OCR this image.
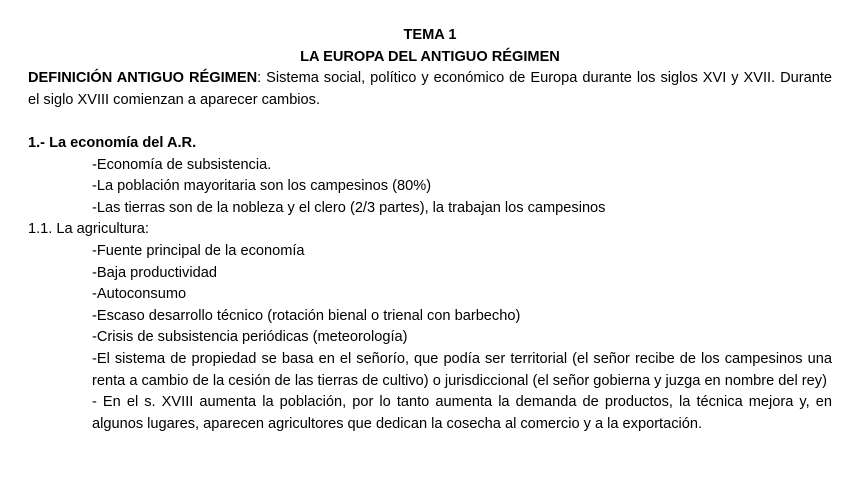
TEMA 1
LA EUROPA DEL ANTIGUO RÉGIMEN
DEFINICIÓN ANTIGUO RÉGIMEN: Sistema social, político y económico de Europa durante los siglos XVI y XVII. Durante el siglo XVIII comienzan a aparecer cambios.
1.- La economía del A.R.
-Economía de subsistencia.
-La población mayoritaria son los campesinos (80%)
-Las tierras son de la nobleza y el clero (2/3 partes), la trabajan los campesinos
1.1. La agricultura:
-Fuente principal de la economía
-Baja productividad
-Autoconsumo
-Escaso desarrollo técnico (rotación bienal o trienal con barbecho)
-Crisis de subsistencia periódicas (meteorología)
-El sistema de propiedad se basa en el señorío, que podía ser territorial (el señor recibe de los campesinos una renta a cambio de la cesión de las tierras de cultivo) o jurisdiccional (el señor gobierna y juzga en nombre del rey)
- En el s. XVIII aumenta la población, por lo tanto aumenta la demanda de productos, la técnica mejora y, en algunos lugares, aparecen agricultores que dedican la cosecha al comercio y a la exportación.
